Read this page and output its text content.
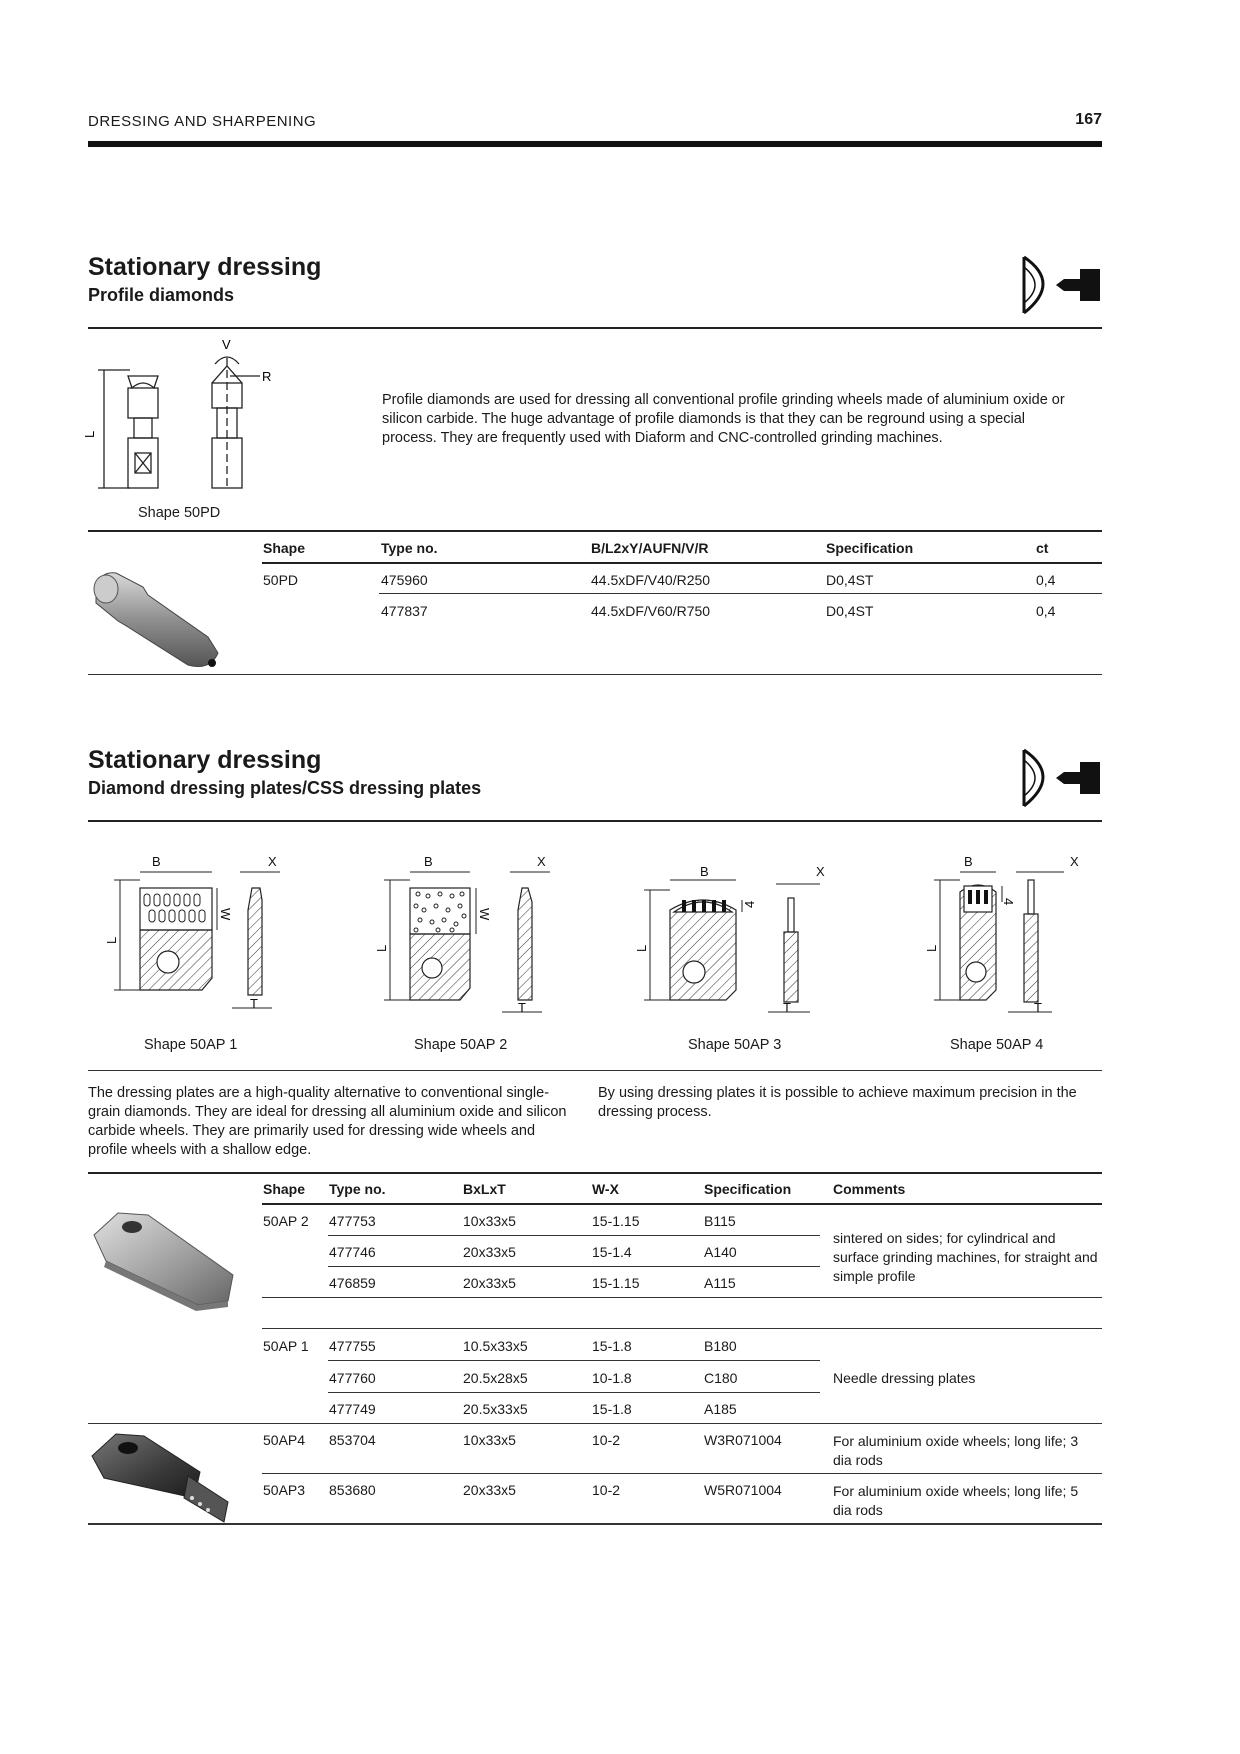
DRESSING AND SHARPENING	167
Stationary dressing
Profile diamonds
L
V
R
Shape 50PD
Profile diamonds are used for dressing all conventional profile grinding wheels made of aluminium oxide or silicon carbide. The huge advantage of profile diamonds is that they can be reground using a special process. They are frequently used with Diaform and CNC-controlled grinding machines.
Shape	Type no.	B/L2xY/AUFN/V/R	Specification	ct
50PD	475960	44.5xDF/V40/R250	D0,4ST	0,4
477837	44.5xDF/V60/R750	D0,4ST	0,4
Stationary dressing
Diamond dressing plates/CSS dressing plates
B	X
L
W
T
B	X
L
W
T
B	X
L
4
T
B	X
L
4
T
Shape 50AP 1	Shape 50AP 2	Shape 50AP 3	Shape 50AP 4
The dressing plates are a high-quality alternative to conventional single-grain diamonds. They are ideal for dressing all aluminium oxide and silicon carbide wheels. They are primarily used for dressing wide wheels and profile wheels with a shallow edge.
By using dressing plates it is possible to achieve maximum precision in the dressing process.
Shape Type no.	BxLxT	W-X	Specification	Comments
50AP 2 477753	10x33x5	15-1.15	B115
477746	20x33x5	15-1.4	A140
476859	20x33x5	15-1.15	A115
sintered on sides; for cylindrical and surface grinding machines, for straight and simple profile
50AP 1 477755	10.5x33x5	15-1.8	B180
477760	20.5x28x5	10-1.8	C180
477749	20.5x33x5	15-1.8	A185
Needle dressing plates
50AP4 853704	10x33x5	10-2	W3R071004	For aluminium oxide wheels; long life; 3 dia rods
50AP3 853680	20x33x5	10-2	W5R071004	For aluminium oxide wheels; long life; 5 dia rods
